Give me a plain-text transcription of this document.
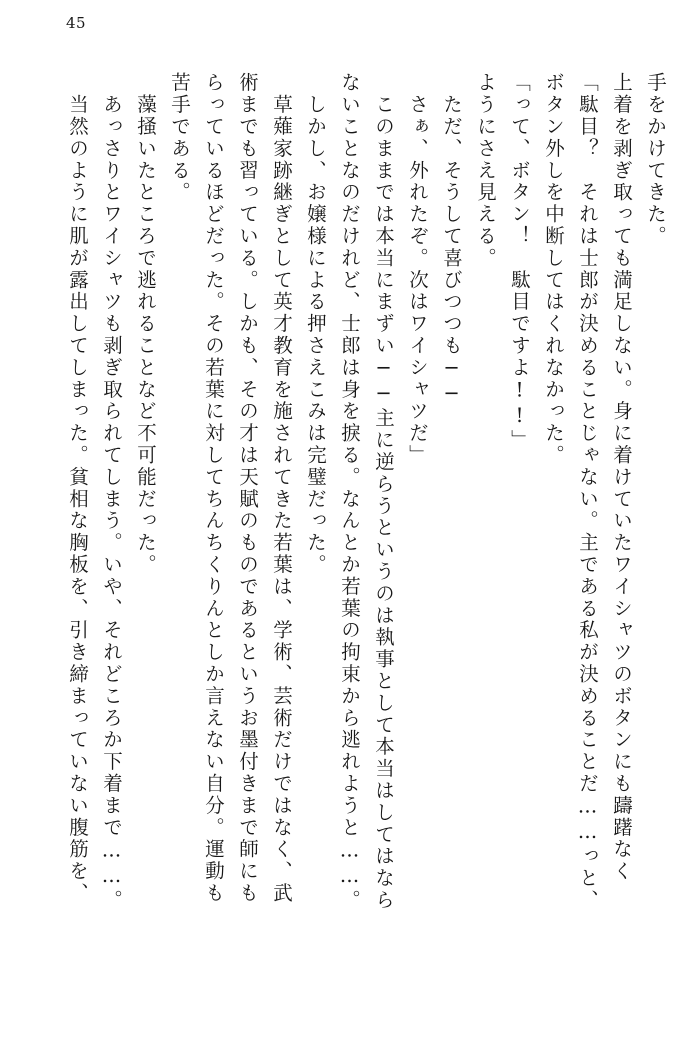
45
手をかけてきた。
上着を剥ぎ取っても満足しない。身に着けていたワイシャツのボタンにも躊躇なく
「駄目？　それは士郎が決めることじゃない。主である私が決めることだ……っと、
ボタン外しを中断してはくれなかった。
「って、ボタン！　駄目ですよ!!」
ようにさえ見える。
　ただ、そうして喜びつつも──
　さぁ、外れたぞ。次はワイシャツだ」
　このままでは本当にまずい──主に逆らうというのは執事として本当はしてはなら
ないことなのだけれど、士郎は身を捩る。なんとか若葉の拘束から逃れようと……。
　しかし、お嬢様による押さえこみは完璧だった。
　草薙家跡継ぎとして英才教育を施されてきた若葉は、学術、芸術だけではなく、武
術までも習っている。しかも、その才は天賦のものであるというお墨付きまで師にも
らっているほどだった。その若葉に対してちんちくりんとしか言えない自分。運動も
苦手である。
　藻掻いたところで逃れることなど不可能だった。
　あっさりとワイシャツも剥ぎ取られてしまう。いや、それどころか下着まで……。
　当然のように肌が露出してしまった。貧相な胸板を、引き締まっていない腹筋を、
